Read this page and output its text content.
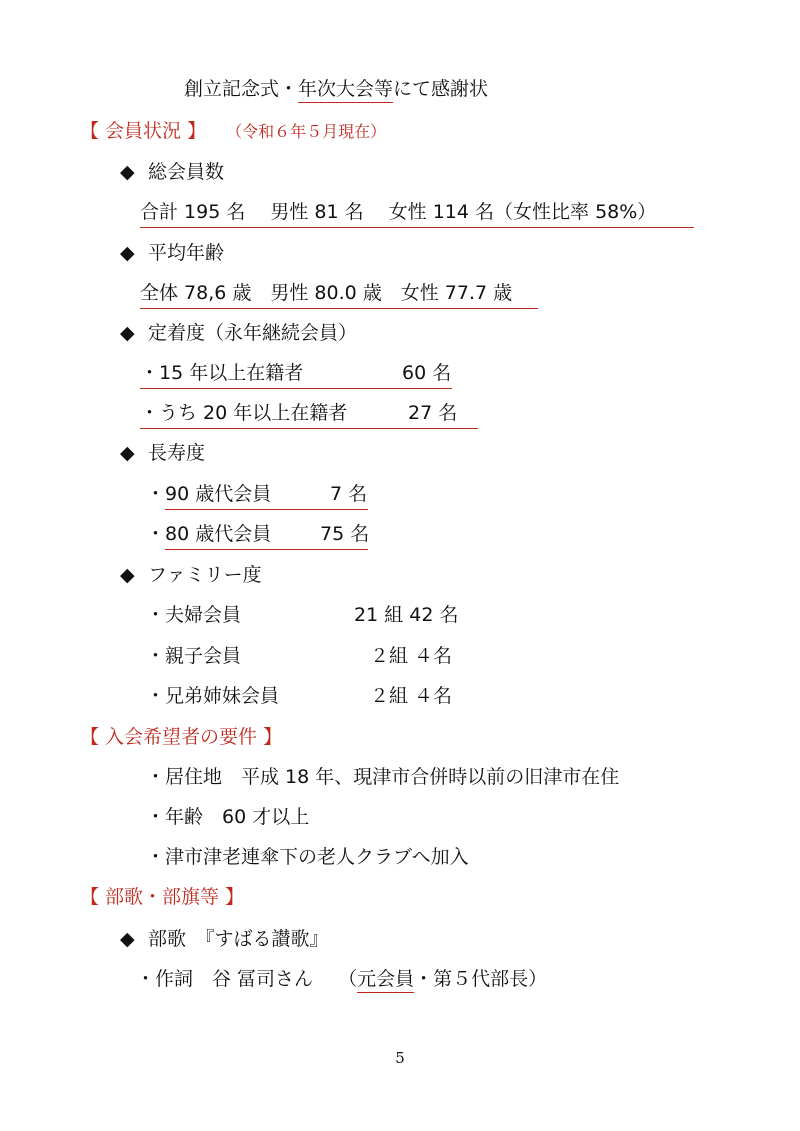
創立記念式・年次大会等にて感謝状
【 会員状況 】 （令和６年５月現在）
◆ 総会員数
合計 195 名　 男性 81 名　 女性 114 名（女性比率 58%）
◆ 平均年齢
全体 78,6 歳　男性 80.0 歳　女性 77.7 歳
◆ 定着度（永年継続会員）
・15 年以上在籍者	60 名
・うち 20 年以上在籍者	27 名
◆ 長寿度
・90 歳代会員	7 名
・80 歳代会員	75 名
◆ ファミリー度
・夫婦会員	21 組 42 名
・親子会員	２組 ４名
・兄弟姉妹会員	２組 ４名
【 入会希望者の要件 】
・居住地　平成 18 年、現津市合併時以前の旧津市在住
・年齢　60 才以上
・津市津老連傘下の老人クラブへ加入
【 部歌・部旗等 】
◆ 部歌　『すばる讃歌』
・作詞　谷 冨司さん　 （元会員・第５代部長）
5
